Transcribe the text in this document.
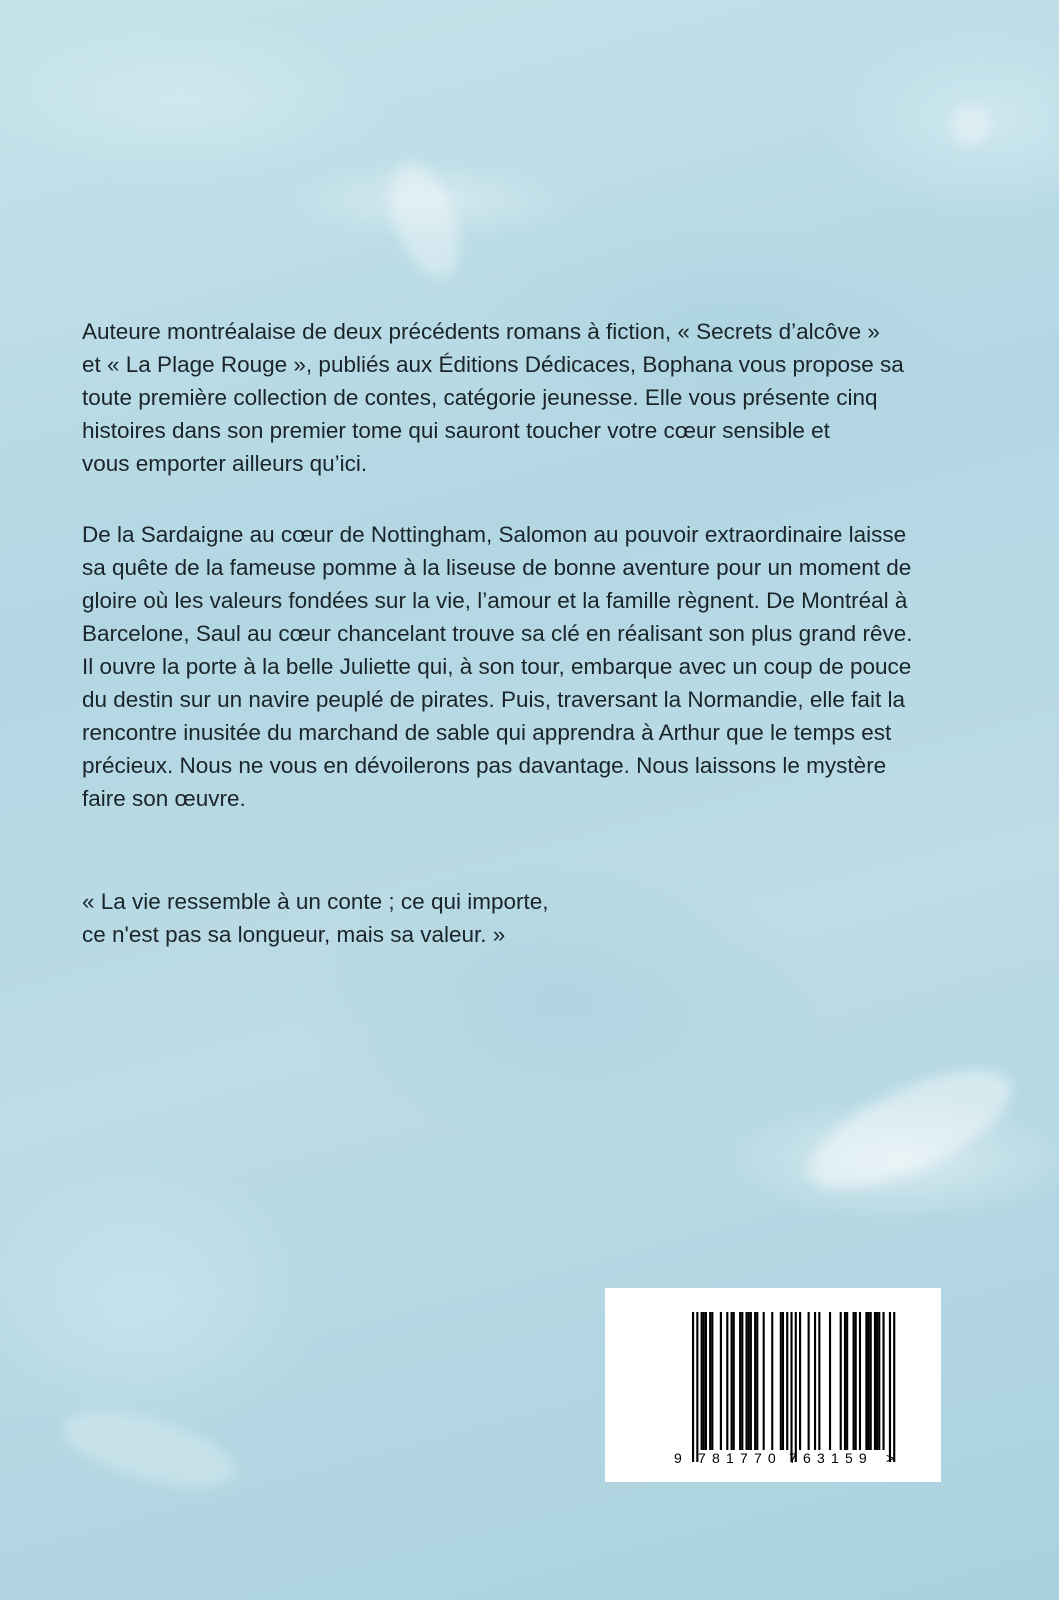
Auteure montréalaise de deux précédents romans à fiction, « Secrets d’alcôve »
et « La Plage Rouge », publiés aux Éditions Dédicaces, Bophana vous propose sa
toute première collection de contes, catégorie jeunesse. Elle vous présente cinq
histoires dans son premier tome qui sauront toucher votre cœur sensible et
vous emporter ailleurs qu’ici.

De la Sardaigne au cœur de Nottingham, Salomon au pouvoir extraordinaire laisse
sa quête de la fameuse pomme à la liseuse de bonne aventure pour un moment de
gloire où les valeurs fondées sur la vie, l’amour et la famille règnent. De Montréal à
Barcelone, Saul au cœur chancelant trouve sa clé en réalisant son plus grand rêve.
Il ouvre la porte à la belle Juliette qui, à son tour, embarque avec un coup de pouce
du destin sur un navire peuplé de pirates. Puis, traversant la Normandie, elle fait la
rencontre inusitée du marchand de sable qui apprendra à Arthur que le temps est
précieux. Nous ne vous en dévoilerons pas davantage. Nous laissons le mystère
faire son œuvre.

« La vie ressemble à un conte ; ce qui importe,
ce n'est pas sa longueur, mais sa valeur. »

9 781770 763159 >
